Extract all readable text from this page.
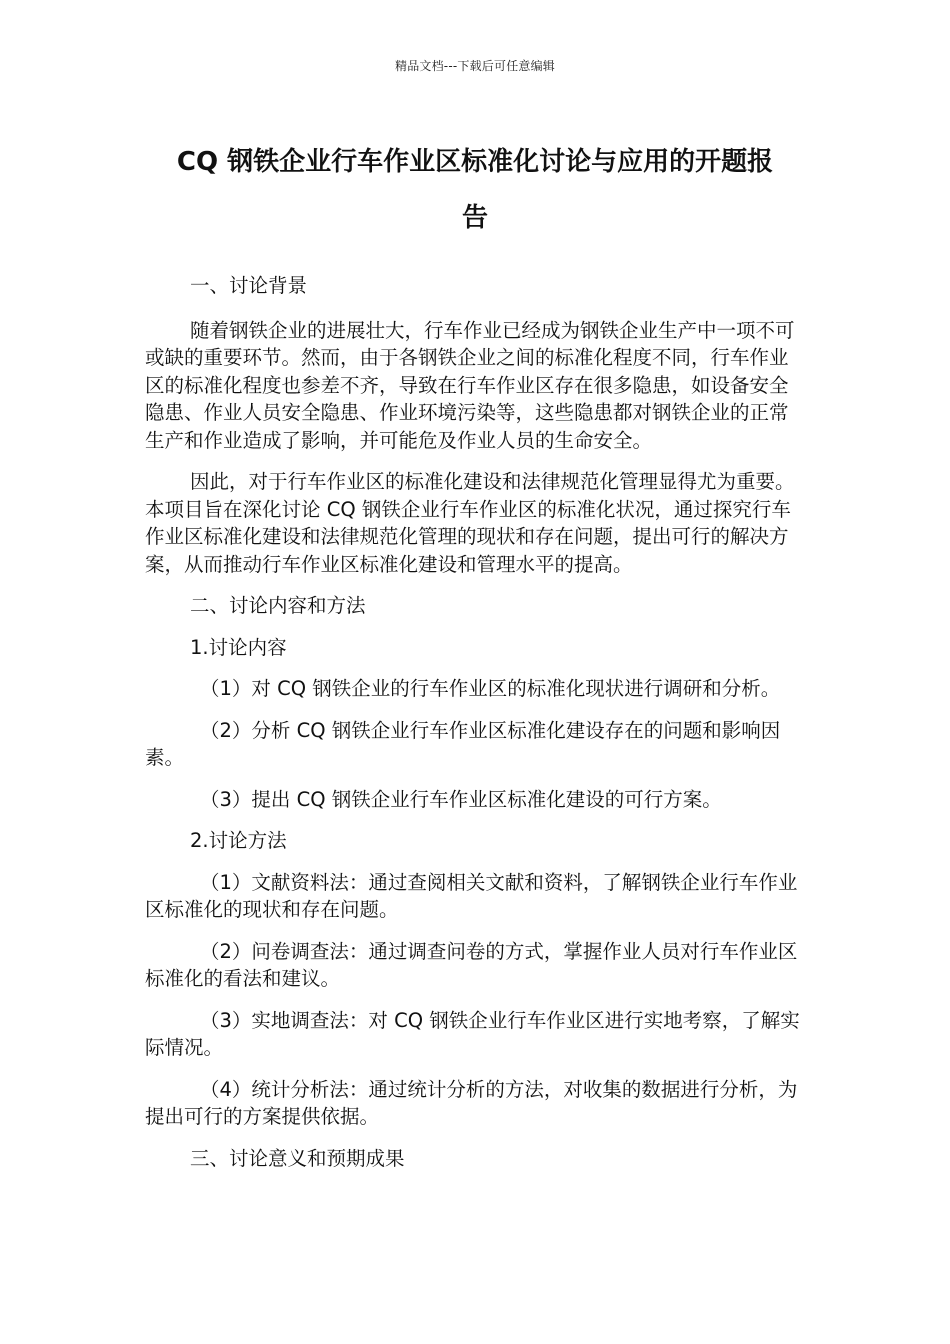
精品文档---下载后可任意编辑
CQ 钢铁企业行车作业区标准化讨论与应用的开题报
告

一、讨论背景

随着钢铁企业的进展壮大，行车作业已经成为钢铁企业生产中一项不可或缺的重要环节。然而，由于各钢铁企业之间的标准化程度不同，行车作业区的标准化程度也参差不齐，导致在行车作业区存在很多隐患，如设备安全隐患、作业人员安全隐患、作业环境污染等，这些隐患都对钢铁企业的正常生产和作业造成了影响，并可能危及作业人员的生命安全。

因此，对于行车作业区的标准化建设和法律规范化管理显得尤为重要。本项目旨在深化讨论 CQ 钢铁企业行车作业区的标准化状况，通过探究行车作业区标准化建设和法律规范化管理的现状和存在问题，提出可行的解决方案，从而推动行车作业区标准化建设和管理水平的提高。

二、讨论内容和方法

1.讨论内容

（1）对 CQ 钢铁企业的行车作业区的标准化现状进行调研和分析。

（2）分析 CQ 钢铁企业行车作业区标准化建设存在的问题和影响因素。

（3）提出 CQ 钢铁企业行车作业区标准化建设的可行方案。

2.讨论方法

（1）文献资料法：通过查阅相关文献和资料，了解钢铁企业行车作业区标准化的现状和存在问题。

（2）问卷调查法：通过调查问卷的方式，掌握作业人员对行车作业区标准化的看法和建议。

（3）实地调查法：对 CQ 钢铁企业行车作业区进行实地考察，了解实际情况。

（4）统计分析法：通过统计分析的方法，对收集的数据进行分析，为提出可行的方案提供依据。

三、讨论意义和预期成果
